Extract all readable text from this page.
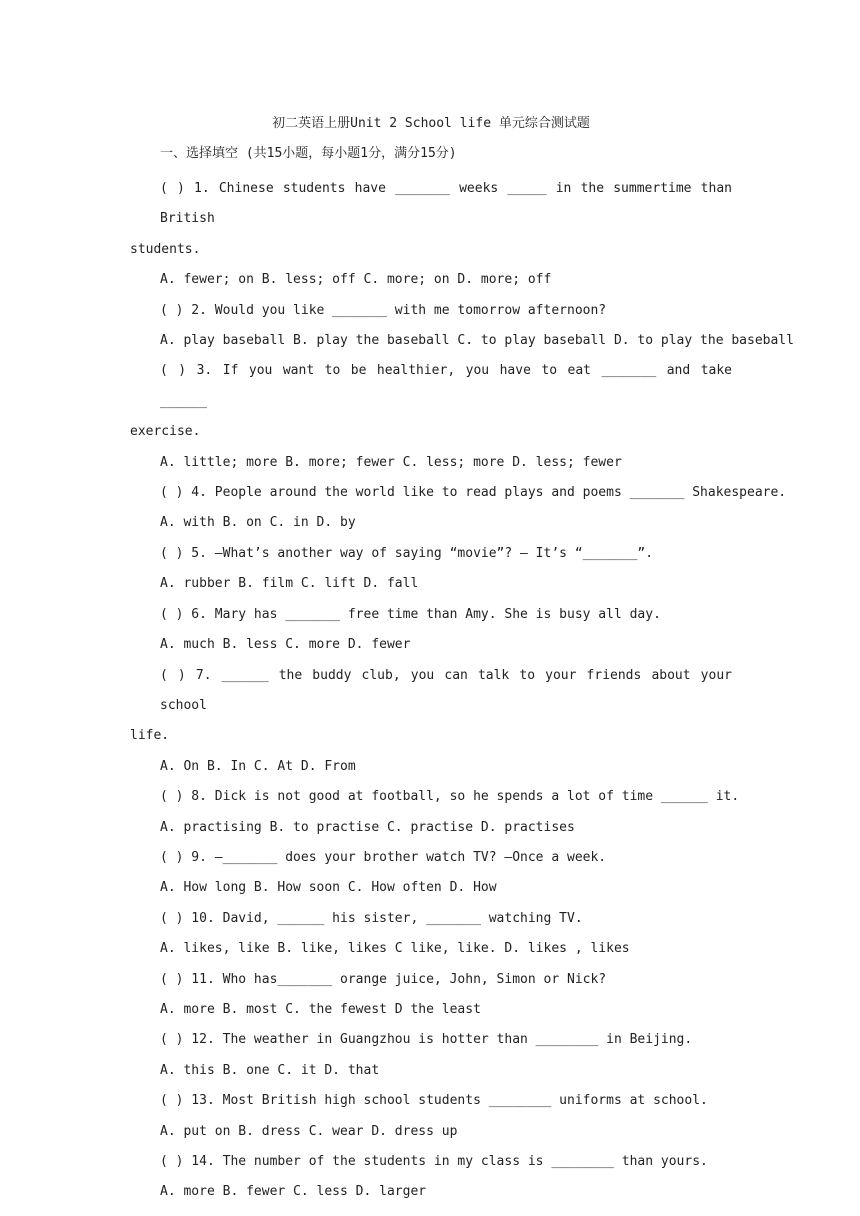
初二英语上册Unit 2 School life 单元综合测试题
一、选择填空 (共15小题，每小题1分，满分15分)
( ) 1. Chinese students have _______ weeks _____ in the summertime than British
students.
A. fewer; on B. less; off C. more; on D. more; off
( ) 2. Would you like _______ with me tomorrow afternoon?
A. play baseball B. play the baseball C. to play baseball D. to play the baseball
( ) 3. If you want to be healthier, you have to eat _______ and take ______
exercise.
A. little; more B. more; fewer C. less; more D. less; fewer
( ) 4. People around the world like to read plays and poems _______ Shakespeare.
A. with B. on C. in D. by
( ) 5. —What’s another way of saying “movie”? — It’s “_______”.
A. rubber B. film C. lift D. fall
( ) 6. Mary has _______ free time than Amy. She is busy all day.
A. much B. less C. more D. fewer
( ) 7. ______ the buddy club, you can talk to your friends about your school
life.
A. On B. In C. At D. From
( ) 8. Dick is not good at football, so he spends a lot of time ______ it.
A. practising B. to practise C. practise D. practises
( ) 9. —_______ does your brother watch TV? —Once a week.
A. How long B. How soon C. How often D. How
( ) 10. David, ______ his sister, _______ watching TV.
A. likes, like B. like, likes C like, like. D. likes , likes
( ) 11. Who has_______ orange juice, John, Simon or Nick?
A. more B. most C. the fewest D the least
( ) 12. The weather in Guangzhou is hotter than ________ in Beijing.
A. this B. one C. it D. that
( ) 13. Most British high school students ________ uniforms at school.
A. put on B. dress C. wear D. dress up
( ) 14. The number of the students in my class is ________ than yours.
A. more B. fewer C. less D. larger
